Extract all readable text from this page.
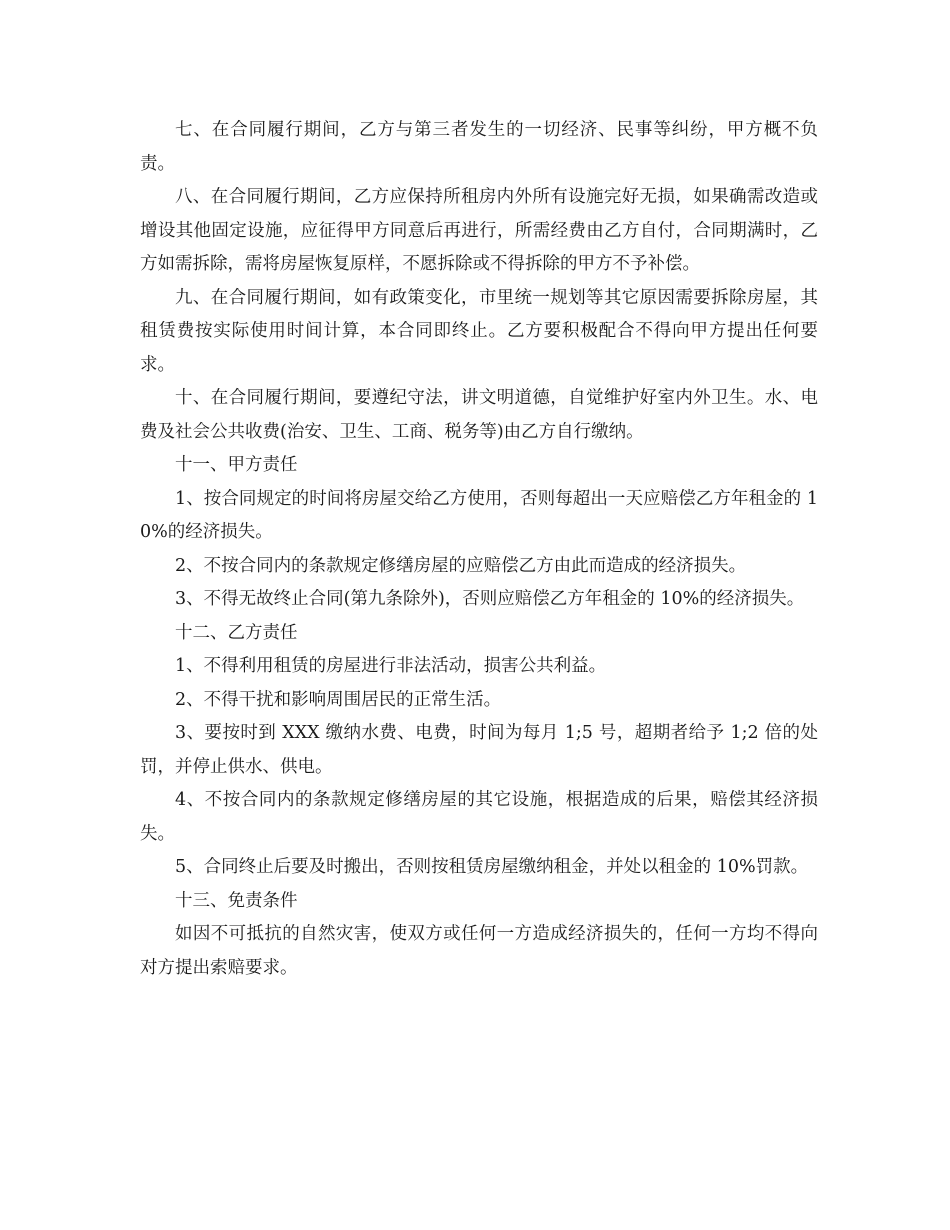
七、在合同履行期间，乙方与第三者发生的一切经济、民事等纠纷，甲方概不负责。

八、在合同履行期间，乙方应保持所租房内外所有设施完好无损，如果确需改造或增设其他固定设施，应征得甲方同意后再进行，所需经费由乙方自付，合同期满时，乙方如需拆除，需将房屋恢复原样，不愿拆除或不得拆除的甲方不予补偿。

九、在合同履行期间，如有政策变化，市里统一规划等其它原因需要拆除房屋，其租赁费按实际使用时间计算，本合同即终止。乙方要积极配合不得向甲方提出任何要求。

十、在合同履行期间，要遵纪守法，讲文明道德，自觉维护好室内外卫生。水、电费及社会公共收费(治安、卫生、工商、税务等)由乙方自行缴纳。

十一、甲方责任

1、按合同规定的时间将房屋交给乙方使用，否则每超出一天应赔偿乙方年租金的 10%的经济损失。

2、不按合同内的条款规定修缮房屋的应赔偿乙方由此而造成的经济损失。

3、不得无故终止合同(第九条除外)，否则应赔偿乙方年租金的 10%的经济损失。

十二、乙方责任

1、不得利用租赁的房屋进行非法活动，损害公共利益。

2、不得干扰和影响周围居民的正常生活。

3、要按时到 XXX 缴纳水费、电费，时间为每月 1;5 号，超期者给予 1;2 倍的处罚，并停止供水、供电。

4、不按合同内的条款规定修缮房屋的其它设施，根据造成的后果，赔偿其经济损失。

5、合同终止后要及时搬出，否则按租赁房屋缴纳租金，并处以租金的 10%罚款。

十三、免责条件

如因不可抵抗的自然灾害，使双方或任何一方造成经济损失的，任何一方均不得向对方提出索赔要求。
